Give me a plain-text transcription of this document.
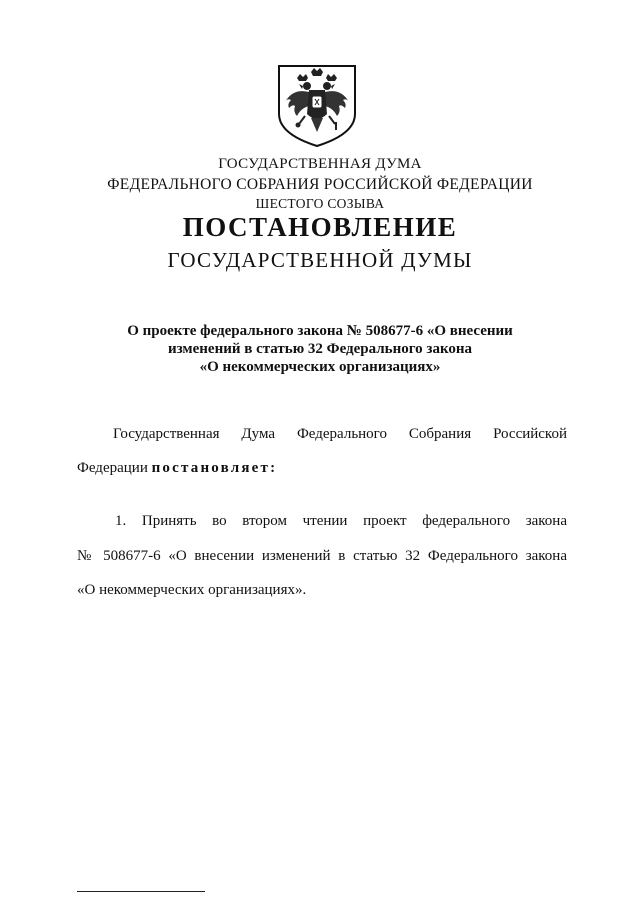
ГОСУДАРСТВЕННАЯ ДУМА
ФЕДЕРАЛЬНОГО СОБРАНИЯ РОССИЙСКОЙ ФЕДЕРАЦИИ
ШЕСТОГО СОЗЫВА
ПОСТАНОВЛЕНИЕ
ГОСУДАРСТВЕННОЙ ДУМЫ
О проекте федерального закона № 508677-6 «О внесении
изменений в статью 32 Федерального закона
«О некоммерческих организациях»
Государственная Дума Федерального Собрания Российской
Федерации постановляет:
1. Принять во втором чтении проект федерального закона
№ 508677-6 «О внесении изменений в статью 32 Федерального закона
«О некоммерческих организациях».
